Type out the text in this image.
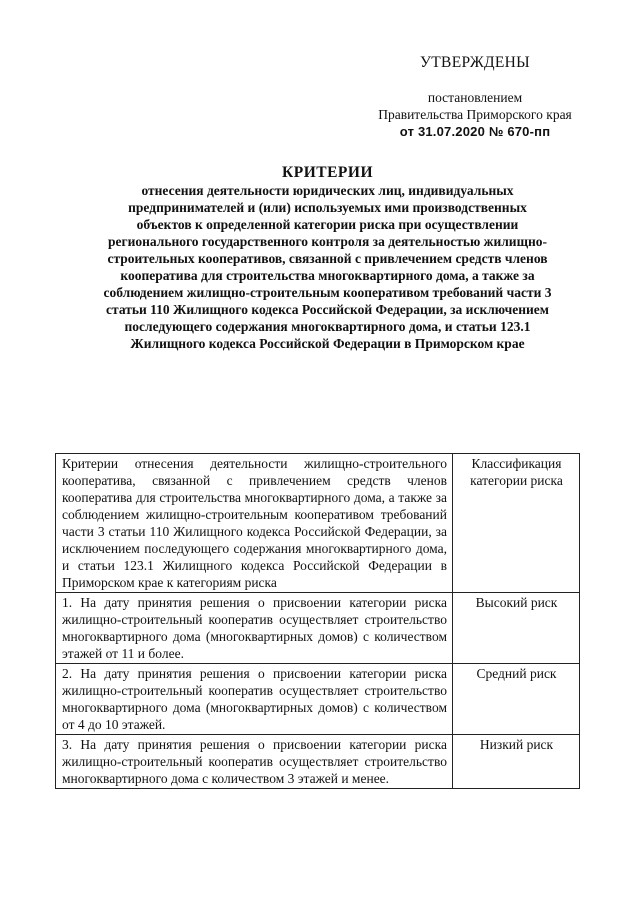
УТВЕРЖДЕНЫ
постановлением
Правительства Приморского края
от 31.07.2020 № 670-пп
КРИТЕРИИ
отнесения деятельности юридических лиц, индивидуальных предпринимателей и (или) используемых ими производственных объектов к определенной категории риска при осуществлении регионального государственного контроля за деятельностью жилищно-строительных кооперативов, связанной с привлечением средств членов кооператива для строительства многоквартирного дома, а также за соблюдением жилищно-строительным кооперативом требований части 3 статьи 110 Жилищного кодекса Российской Федерации, за исключением последующего содержания многоквартирного дома, и статьи 123.1 Жилищного кодекса Российской Федерации в Приморском крае
Критерии отнесения деятельности жилищно-строительного кооператива, связанной с привлечением средств членов кооператива для строительства многоквартирного дома, а также за соблюдением жилищно-строительным кооперативом требований части 3 статьи 110 Жилищного кодекса Российской Федерации, за исключением последующего содержания многоквартирного дома, и статьи 123.1 Жилищного кодекса Российской Федерации в Приморском крае к категориям риска	Классификация категории риска
1. На дату принятия решения о присвоении категории риска жилищно-строительный кооператив осуществляет строительство многоквартирного дома (многоквартирных домов) с количеством этажей от 11 и более.	Высокий риск
2. На дату принятия решения о присвоении категории риска жилищно-строительный кооператив осуществляет строительство многоквартирного дома (многоквартирных домов) с количеством от 4 до 10 этажей.	Средний риск
3. На дату принятия решения о присвоении категории риска жилищно-строительный кооператив осуществляет строительство многоквартирного дома с количеством 3 этажей и менее.	Низкий риск
